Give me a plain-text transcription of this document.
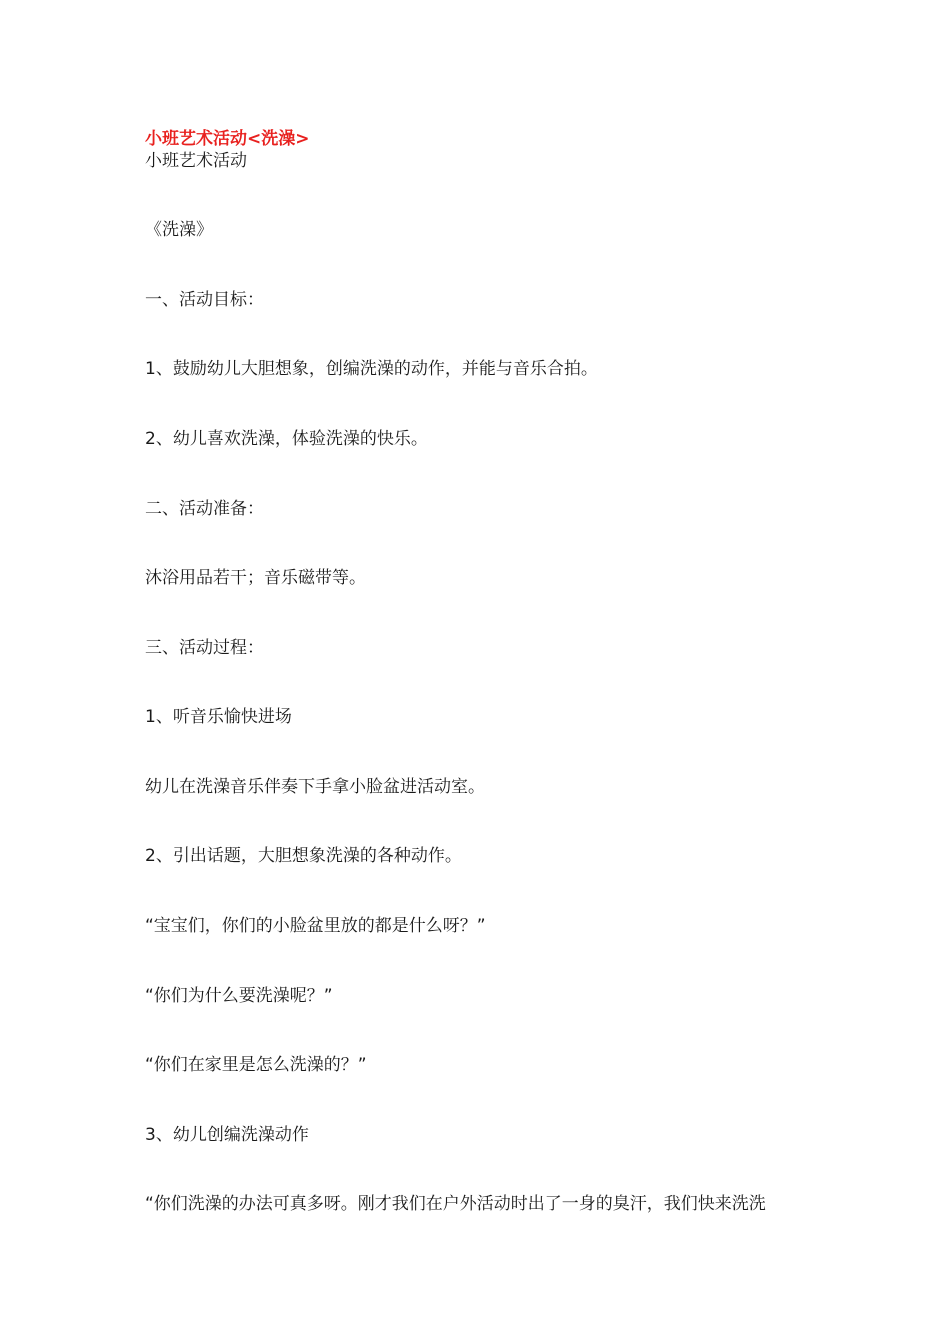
小班艺术活动<洗澡>
小班艺术活动
《洗澡》
一、活动目标：
1、鼓励幼儿大胆想象，创编洗澡的动作，并能与音乐合拍。
2、幼儿喜欢洗澡，体验洗澡的快乐。
二、活动准备：
沐浴用品若干；音乐磁带等。
三、活动过程：
1、听音乐愉快进场
幼儿在洗澡音乐伴奏下手拿小脸盆进活动室。
2、引出话题，大胆想象洗澡的各种动作。
“宝宝们，你们的小脸盆里放的都是什么呀？”
“你们为什么要洗澡呢？”
“你们在家里是怎么洗澡的？”
3、幼儿创编洗澡动作
“你们洗澡的办法可真多呀。刚才我们在户外活动时出了一身的臭汗，我们快来洗洗
